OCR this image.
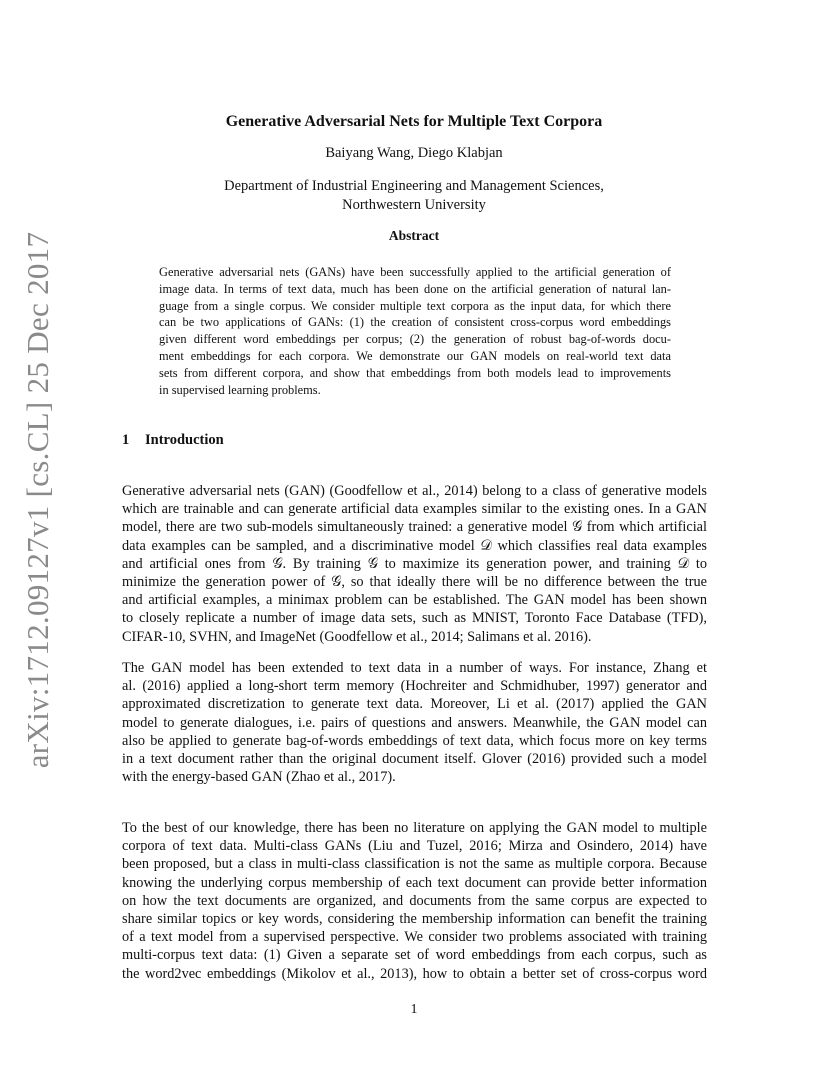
arXiv:1712.09127v1 [cs.CL] 25 Dec 2017
Generative Adversarial Nets for Multiple Text Corpora
Baiyang Wang, Diego Klabjan
Department of Industrial Engineering and Management Sciences,
Northwestern University
Abstract
Generative adversarial nets (GANs) have been successfully applied to the artificial generation of
image data. In terms of text data, much has been done on the artificial generation of natural lan-
guage from a single corpus. We consider multiple text corpora as the input data, for which there
can be two applications of GANs: (1) the creation of consistent cross-corpus word embeddings
given different word embeddings per corpus; (2) the generation of robust bag-of-words docu-
ment embeddings for each corpora. We demonstrate our GAN models on real-world text data
sets from different corpora, and show that embeddings from both models lead to improvements
in supervised learning problems.
1 Introduction
Generative adversarial nets (GAN) (Goodfellow et al., 2014) belong to a class of generative models
which are trainable and can generate artificial data examples similar to the existing ones. In a GAN
model, there are two sub-models simultaneously trained: a generative model 𝒢 from which artificial
data examples can be sampled, and a discriminative model 𝒟 which classifies real data examples
and artificial ones from 𝒢. By training 𝒢 to maximize its generation power, and training 𝒟 to
minimize the generation power of 𝒢, so that ideally there will be no difference between the true
and artificial examples, a minimax problem can be established. The GAN model has been shown
to closely replicate a number of image data sets, such as MNIST, Toronto Face Database (TFD),
CIFAR-10, SVHN, and ImageNet (Goodfellow et al., 2014; Salimans et al. 2016).
The GAN model has been extended to text data in a number of ways. For instance, Zhang et
al. (2016) applied a long-short term memory (Hochreiter and Schmidhuber, 1997) generator and
approximated discretization to generate text data. Moreover, Li et al. (2017) applied the GAN
model to generate dialogues, i.e. pairs of questions and answers. Meanwhile, the GAN model can
also be applied to generate bag-of-words embeddings of text data, which focus more on key terms
in a text document rather than the original document itself. Glover (2016) provided such a model
with the energy-based GAN (Zhao et al., 2017).
To the best of our knowledge, there has been no literature on applying the GAN model to multiple
corpora of text data. Multi-class GANs (Liu and Tuzel, 2016; Mirza and Osindero, 2014) have
been proposed, but a class in multi-class classification is not the same as multiple corpora. Because
knowing the underlying corpus membership of each text document can provide better information
on how the text documents are organized, and documents from the same corpus are expected to
share similar topics or key words, considering the membership information can benefit the training
of a text model from a supervised perspective. We consider two problems associated with training
multi-corpus text data: (1) Given a separate set of word embeddings from each corpus, such as
the word2vec embeddings (Mikolov et al., 2013), how to obtain a better set of cross-corpus word
1
